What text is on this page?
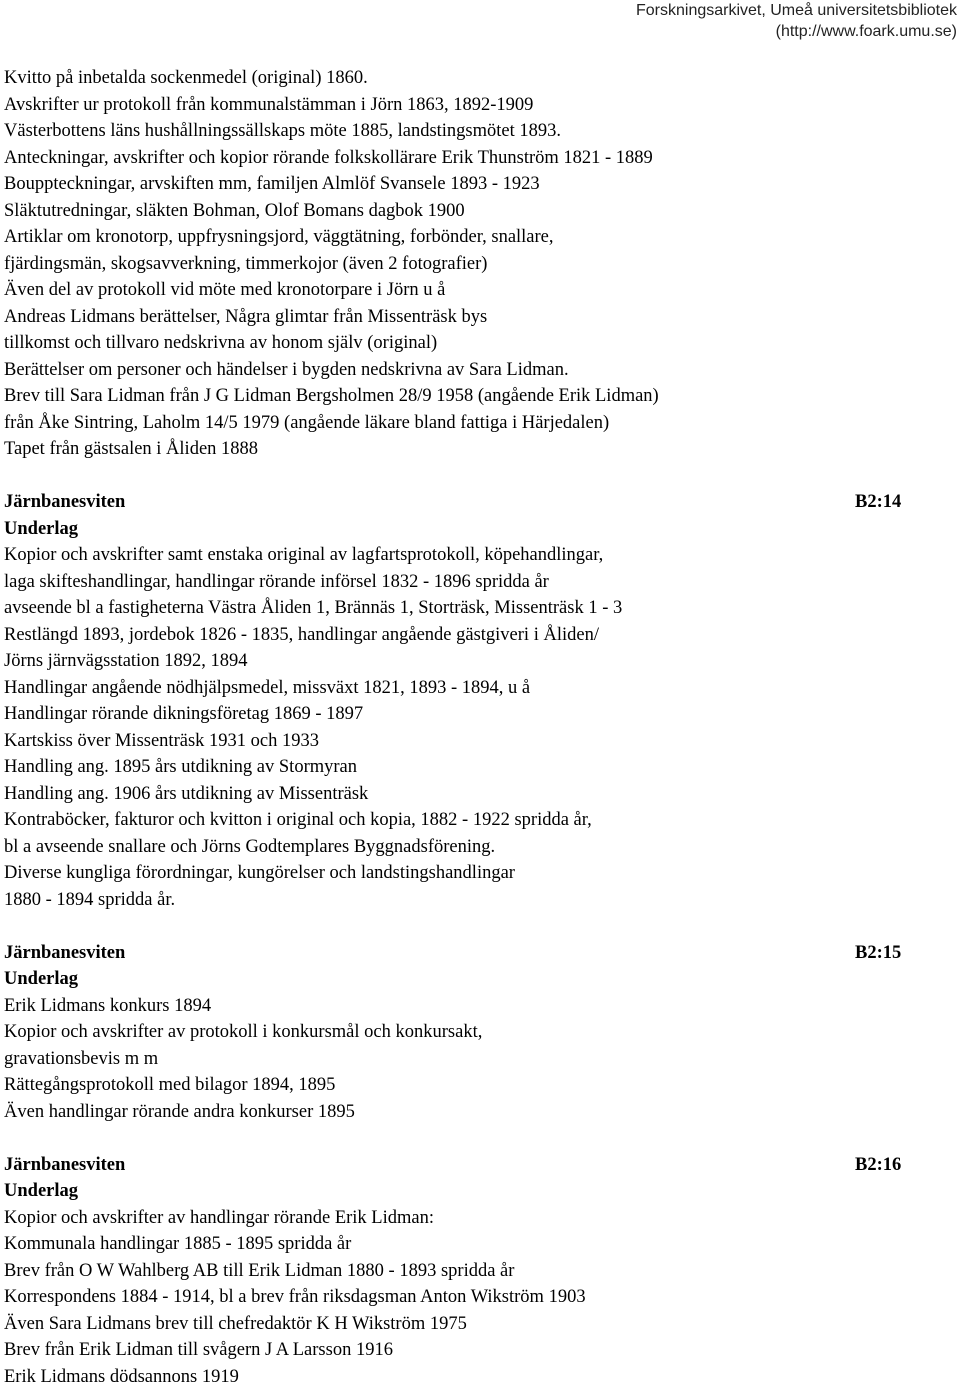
Forskningsarkivet, Umeå universitetsbibliotek
(http://www.foark.umu.se)
Kvitto på inbetalda sockenmedel (original) 1860.
Avskrifter ur protokoll från kommunalstämman i Jörn 1863, 1892-1909
Västerbottens läns hushållningssällskaps möte 1885, landstingsmötet 1893.
Anteckningar, avskrifter och kopior rörande folkskollärare Erik Thunström 1821 - 1889
Bouppteckningar, arvskiften mm, familjen Almlöf Svansele 1893 - 1923
Släktutredningar, släkten Bohman, Olof Bomans dagbok 1900
Artiklar om kronotorp, uppfrysningsjord, väggtätning, forbönder, snallare,
fjärdingsmän, skogsavverkning, timmerkojor (även 2 fotografier)
Även del av protokoll vid möte med kronotorpare i Jörn u å
Andreas Lidmans berättelser, Några glimtar från Missenträsk bys
tillkomst och tillvaro nedskrivna av honom själv (original)
Berättelser om personer och händelser i bygden nedskrivna av Sara Lidman.
Brev till Sara Lidman från J G Lidman Bergsholmen 28/9 1958 (angående Erik Lidman)
från Åke Sintring, Laholm 14/5 1979 (angående läkare bland fattiga i Härjedalen)
Tapet från gästsalen i Åliden 1888
Järnbanesviten	B2:14
Underlag
Kopior och avskrifter samt enstaka original av lagfartsprotokoll, köpehandlingar,
laga skifteshandlingar, handlingar rörande införsel 1832 - 1896 spridda år
avseende bl a fastigheterna Västra Åliden 1, Brännäs 1, Storträsk, Missenträsk 1 - 3
Restlängd 1893, jordebok 1826 - 1835, handlingar angående gästgiveri i Åliden/
Jörns järnvägsstation 1892, 1894
Handlingar angående nödhjälpsmedel, missväxt 1821, 1893 - 1894, u å
Handlingar rörande dikningsföretag 1869 - 1897
Kartskiss över Missenträsk 1931 och 1933
Handling ang. 1895 års utdikning av Stormyran
Handling ang. 1906 års utdikning av Missenträsk
Kontraböcker, fakturor och kvitton i original och kopia, 1882 - 1922 spridda år,
bl a avseende snallare och Jörns Godtemplares Byggnadsförening.
Diverse kungliga förordningar, kungörelser och landstingshandlingar
1880 - 1894 spridda år.
Järnbanesviten	B2:15
Underlag
Erik Lidmans konkurs 1894
Kopior och avskrifter av protokoll i konkursmål och konkursakt,
gravationsbevis m m
Rättegångsprotokoll med bilagor 1894, 1895
Även handlingar rörande andra konkurser 1895
Järnbanesviten	B2:16
Underlag
Kopior och avskrifter av handlingar rörande Erik Lidman:
Kommunala handlingar 1885 - 1895 spridda år
Brev från O W Wahlberg AB till Erik Lidman 1880 - 1893 spridda år
Korrespondens 1884 - 1914, bl a brev från riksdagsman Anton Wikström 1903
Även Sara Lidmans brev till chefredaktör K H Wikström 1975
Brev från Erik Lidman till svågern J A Larsson 1916
Erik Lidmans dödsannons 1919
